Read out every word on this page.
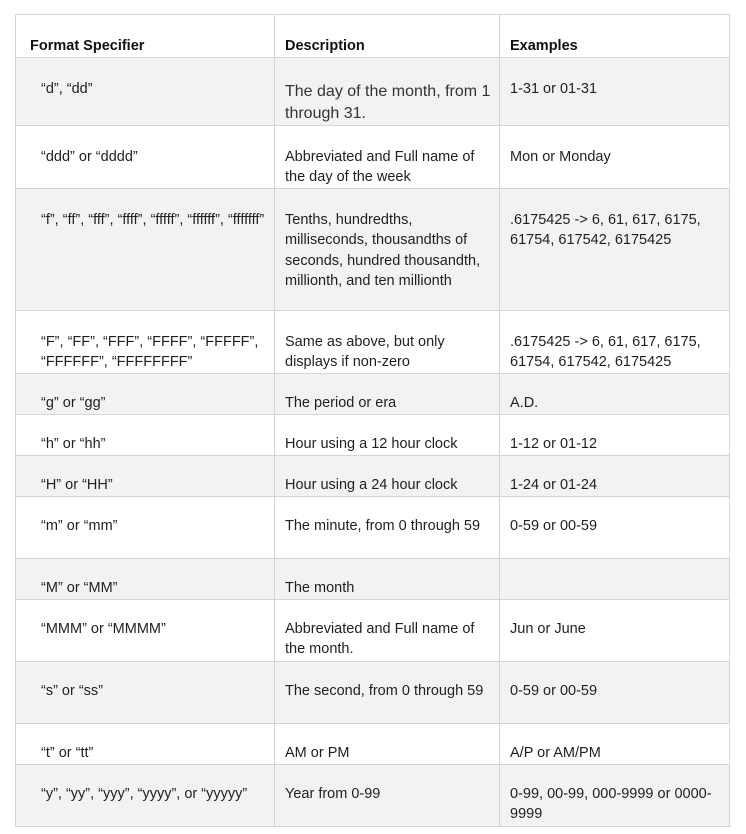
Format Specifier	Description	Examples
“d”, “dd”	The day of the month, from 1 through 31.	1-31 or 01-31
“ddd” or “dddd”	Abbreviated and Full name of the day of the week	Mon or Monday
“f”, “ff”, “fff”, “ffff”, “fffff”, “ffffff”, “fffffff”	Tenths, hundredths, milliseconds, thousandths of seconds, hundred thousandth, millionth, and ten millionth	.6175425 -> 6, 61, 617, 6175, 61754, 617542, 6175425
“F”, “FF”, “FFF”, “FFFF”, “FFFFF”, “FFFFFF”, “FFFFFFFF”	Same as above, but only displays if non-zero	.6175425 -> 6, 61, 617, 6175, 61754, 617542, 6175425
“g” or “gg”	The period or era	A.D.
“h” or “hh”	Hour using a 12 hour clock	1-12 or 01-12
“H” or “HH”	Hour using a 24 hour clock	1-24 or 01-24
“m” or “mm”	The minute, from 0 through 59	0-59 or 00-59
“M” or “MM”	The month	
“MMM” or “MMMM”	Abbreviated and Full name of the month.	Jun or June
“s” or “ss”	The second, from 0 through 59	0-59 or 00-59
“t” or “tt”	AM or PM	A/P or AM/PM
“y”, “yy”, “yyy”, “yyyy”, or “yyyyy”	Year from 0-99	0-99, 00-99, 000-9999 or 0000-9999
